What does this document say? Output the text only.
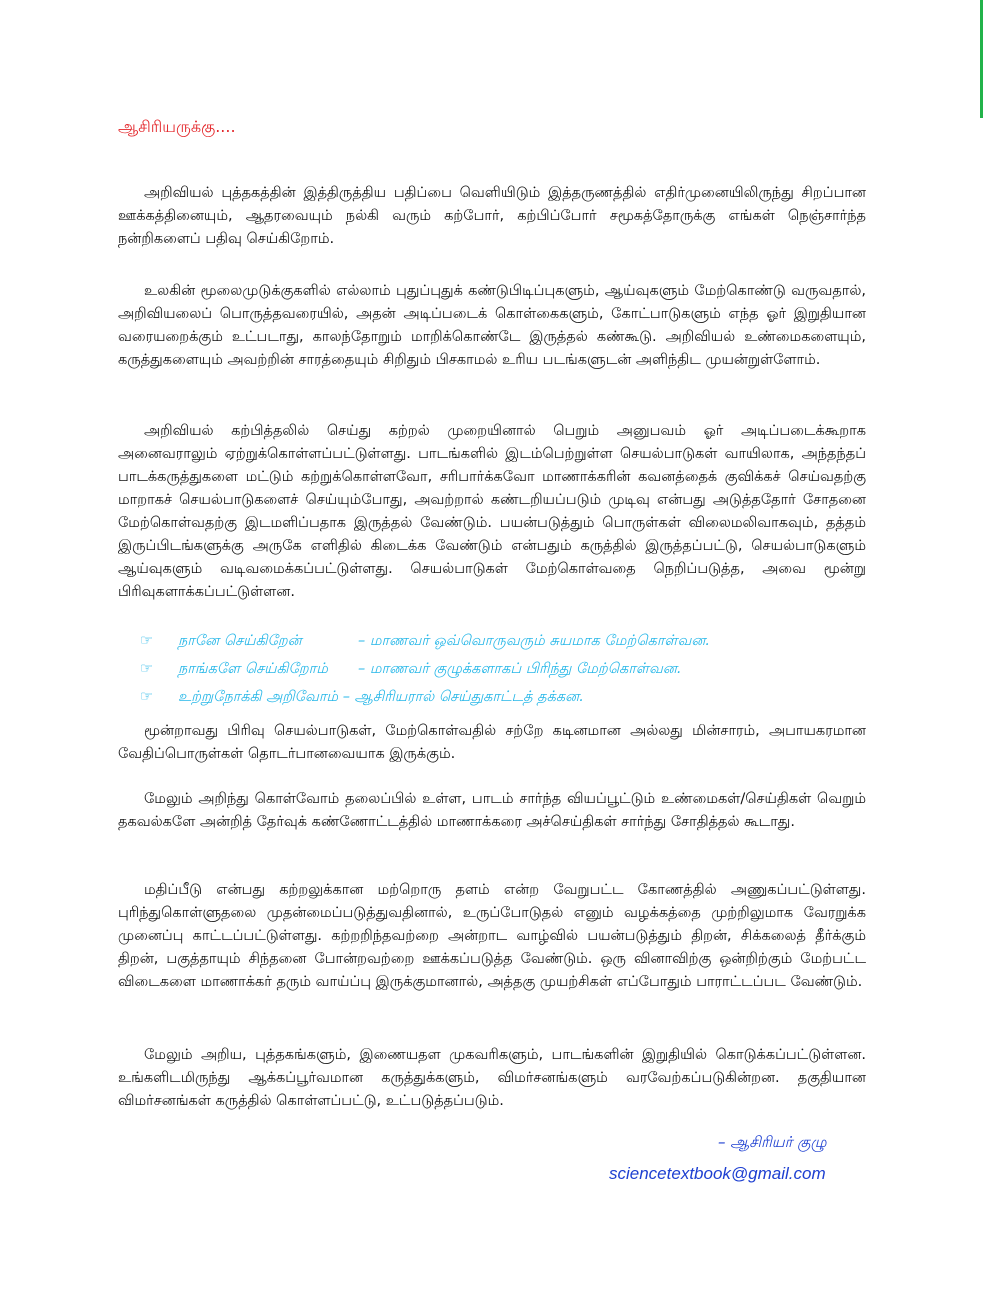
ஆசிரியருக்கு....

அறிவியல் புத்தகத்தின் இத்திருத்திய பதிப்பை வெளியிடும் இத்தருணத்தில் எதிர்முனையிலிருந்து சிறப்பான ஊக்கத்தினையும், ஆதரவையும் நல்கி வரும் கற்போர், கற்பிப்போர் சமூகத்தோருக்கு எங்கள் நெஞ்சார்ந்த நன்றிகளைப் பதிவு செய்கிறோம்.

உலகின் மூலைமுடுக்குகளில் எல்லாம் புதுப்புதுக் கண்டுபிடிப்புகளும், ஆய்வுகளும் மேற்கொண்டு வருவதால், அறிவியலைப் பொருத்தவரையில், அதன் அடிப்படைக் கொள்கைகளும், கோட்பாடுகளும் எந்த ஓர் இறுதியான வரையறைக்கும் உட்படாது, காலந்தோறும் மாறிக்கொண்டே இருத்தல் கண்கூடு. அறிவியல் உண்மைகளையும், கருத்துகளையும் அவற்றின் சாரத்தையும் சிறிதும் பிசகாமல் உரிய படங்களுடன் அளிந்திட முயன்றுள்ளோம்.

அறிவியல் கற்பித்தலில் செய்து கற்றல் முறையினால் பெறும் அனுபவம் ஓர் அடிப்படைக்கூறாக அனைவராலும் ஏற்றுக்கொள்ளப்பட்டுள்ளது. பாடங்களில் இடம்பெற்றுள்ள செயல்பாடுகள் வாயிலாக, அந்தந்தப் பாடக்கருத்துகளை மட்டும் கற்றுக்கொள்ளவோ, சரிபார்க்கவோ மாணாக்கரின் கவனத்தைக் குவிக்கச் செய்வதற்கு மாறாகச் செயல்பாடுகளைச் செய்யும்போது, அவற்றால் கண்டறியப்படும் முடிவு என்பது அடுத்ததோர் சோதனை மேற்கொள்வதற்கு இடமளிப்பதாக இருத்தல் வேண்டும். பயன்படுத்தும் பொருள்கள் விலைமலிவாகவும், தத்தம் இருப்பிடங்களுக்கு அருகே எளிதில் கிடைக்க வேண்டும் என்பதும் கருத்தில் இருத்தப்பட்டு, செயல்பாடுகளும் ஆய்வுகளும் வடிவமைக்கப்பட்டுள்ளது. செயல்பாடுகள் மேற்கொள்வதை நெறிப்படுத்த, அவை மூன்று பிரிவுகளாக்கப்பட்டுள்ளன.

☞ நானே செய்கிறேன்	– மாணவர் ஒவ்வொருவரும் சுயமாக மேற்கொள்வன.
☞ நாங்களே செய்கிறோம் – மாணவர் குழுக்களாகப் பிரிந்து மேற்கொள்வன.
☞ உற்றுநோக்கி அறிவோம் – ஆசிரியரால் செய்துகாட்டத் தக்கன.

மூன்றாவது பிரிவு செயல்பாடுகள், மேற்கொள்வதில் சற்றே கடினமான அல்லது மின்சாரம், அபாயகரமான வேதிப்பொருள்கள் தொடர்பானவையாக இருக்கும்.

மேலும் அறிந்து கொள்வோம் தலைப்பில் உள்ள, பாடம் சார்ந்த வியப்பூட்டும் உண்மைகள்/செய்திகள் வெறும் தகவல்களே அன்றித் தேர்வுக் கண்ணோட்டத்தில் மாணாக்கரை அச்செய்திகள் சார்ந்து சோதித்தல் கூடாது.

மதிப்பீடு என்பது கற்றலுக்கான மற்றொரு தளம் என்ற வேறுபட்ட கோணத்தில் அணுகப்பட்டுள்ளது. புரிந்துகொள்ளுதலை முதன்மைப்படுத்துவதினால், உருப்போடுதல் எனும் வழக்கத்தை முற்றிலுமாக வேரறுக்க முனைப்பு காட்டப்பட்டுள்ளது. கற்றறிந்தவற்றை அன்றாட வாழ்வில் பயன்படுத்தும் திறன், சிக்கலைத் தீர்க்கும் திறன், பகுத்தாயும் சிந்தனை போன்றவற்றை ஊக்கப்படுத்த வேண்டும். ஒரு வினாவிற்கு ஒன்றிற்கும் மேற்பட்ட விடைகளை மாணாக்கர் தரும் வாய்ப்பு இருக்குமானால், அத்தகு முயற்சிகள் எப்போதும் பாராட்டப்பட வேண்டும்.

மேலும் அறிய, புத்தகங்களும், இணையதள முகவரிகளும், பாடங்களின் இறுதியில் கொடுக்கப்பட்டுள்ளன. உங்களிடமிருந்து ஆக்கப்பூர்வமான கருத்துக்களும், விமர்சனங்களும் வரவேற்கப்படுகின்றன. தகுதியான விமர்சனங்கள் கருத்தில் கொள்ளப்பட்டு, உட்படுத்தப்படும்.

– ஆசிரியர் குழு
sciencetextbook@gmail.com
